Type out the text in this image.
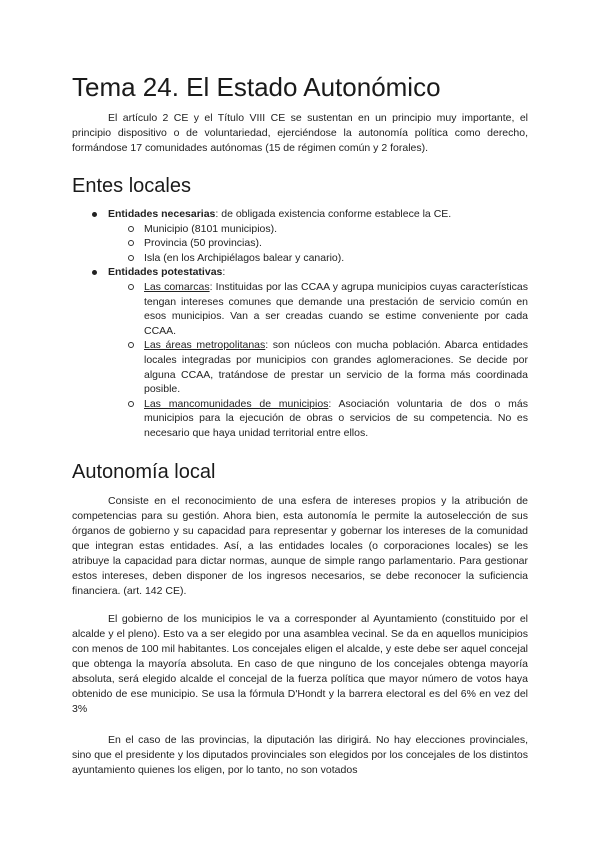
Tema 24. El Estado Autonómico

El artículo 2 CE y el Título VIII CE se sustentan en un principio muy importante, el principio dispositivo o de voluntariedad, ejerciéndose la autonomía política como derecho, formándose 17 comunidades autónomas (15 de régimen común y 2 forales).

Entes locales
Entidades necesarias: de obligada existencia conforme establece la CE.
Municipio (8101 municipios).
Provincia (50 provincias).
Isla (en los Archipiélagos balear y canario).
Entidades potestativas:
Las comarcas: Instituidas por las CCAA y agrupa municipios cuyas características tengan intereses comunes que demande una prestación de servicio común en esos municipios. Van a ser creadas cuando se estime conveniente por cada CCAA.
Las áreas metropolitanas: son núcleos con mucha población. Abarca entidades locales integradas por municipios con grandes aglomeraciones. Se decide por alguna CCAA, tratándose de prestar un servicio de la forma más coordinada posible.
Las mancomunidades de municipios: Asociación voluntaria de dos o más municipios para la ejecución de obras o servicios de su competencia. No es necesario que haya unidad territorial entre ellos.
Autonomía local

Consiste en el reconocimiento de una esfera de intereses propios y la atribución de competencias para su gestión. Ahora bien, esta autonomía le permite la autoselección de sus órganos de gobierno y su capacidad para representar y gobernar los intereses de la comunidad que integran estas entidades. Así, a las entidades locales (o corporaciones locales) se les atribuye la capacidad para dictar normas, aunque de simple rango parlamentario. Para gestionar estos intereses, deben disponer de los ingresos necesarios, se debe reconocer la suficiencia financiera. (art. 142 CE).

El gobierno de los municipios le va a corresponder al Ayuntamiento (constituido por el alcalde y el pleno). Esto va a ser elegido por una asamblea vecinal. Se da en aquellos municipios con menos de 100 mil habitantes. Los concejales eligen el alcalde, y este debe ser aquel concejal que obtenga la mayoría absoluta. En caso de que ninguno de los concejales obtenga mayoría absoluta, será elegido alcalde el concejal de la fuerza política que mayor número de votos haya obtenido de ese municipio. Se usa la fórmula D'Hondt y la barrera electoral es del 6% en vez del 3%

En el caso de las provincias, la diputación las dirigirá. No hay elecciones provinciales, sino que el presidente y los diputados provinciales son elegidos por los concejales de los distintos ayuntamiento quienes los eligen, por lo tanto, no son votados
